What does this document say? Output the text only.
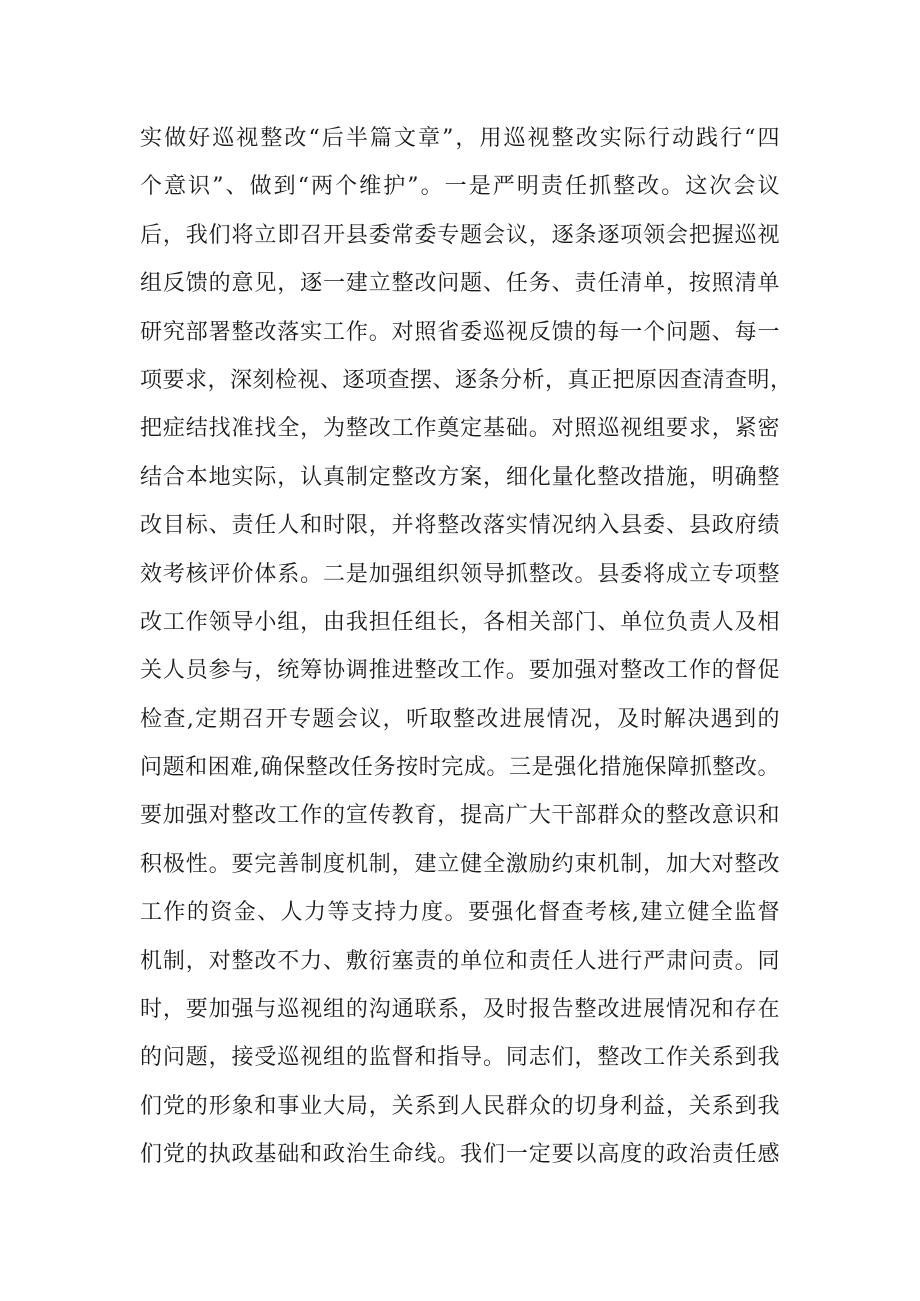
实做好巡视整改“后半篇文章”，用巡视整改实际行动践行“四
个意识”、做到“两个维护”。一是严明责任抓整改。这次会议
后，我们将立即召开县委常委专题会议，逐条逐项领会把握巡视
组反馈的意见，逐一建立整改问题、任务、责任清单，按照清单
研究部署整改落实工作。对照省委巡视反馈的每一个问题、每一
项要求，深刻检视、逐项查摆、逐条分析，真正把原因查清查明，
把症结找准找全，为整改工作奠定基础。对照巡视组要求，紧密
结合本地实际，认真制定整改方案，细化量化整改措施，明确整
改目标、责任人和时限，并将整改落实情况纳入县委、县政府绩
效考核评价体系。二是加强组织领导抓整改。县委将成立专项整
改工作领导小组，由我担任组长，各相关部门、单位负责人及相
关人员参与，统筹协调推进整改工作。要加强对整改工作的督促
检查,定期召开专题会议，听取整改进展情况，及时解决遇到的
问题和困难,确保整改任务按时完成。三是强化措施保障抓整改。
要加强对整改工作的宣传教育，提高广大干部群众的整改意识和
积极性。要完善制度机制，建立健全激励约束机制，加大对整改
工作的资金、人力等支持力度。要强化督查考核,建立健全监督
机制，对整改不力、敷衍塞责的单位和责任人进行严肃问责。同
时，要加强与巡视组的沟通联系，及时报告整改进展情况和存在
的问题，接受巡视组的监督和指导。同志们，整改工作关系到我
们党的形象和事业大局，关系到人民群众的切身利益，关系到我
们党的执政基础和政治生命线。我们一定要以高度的政治责任感
